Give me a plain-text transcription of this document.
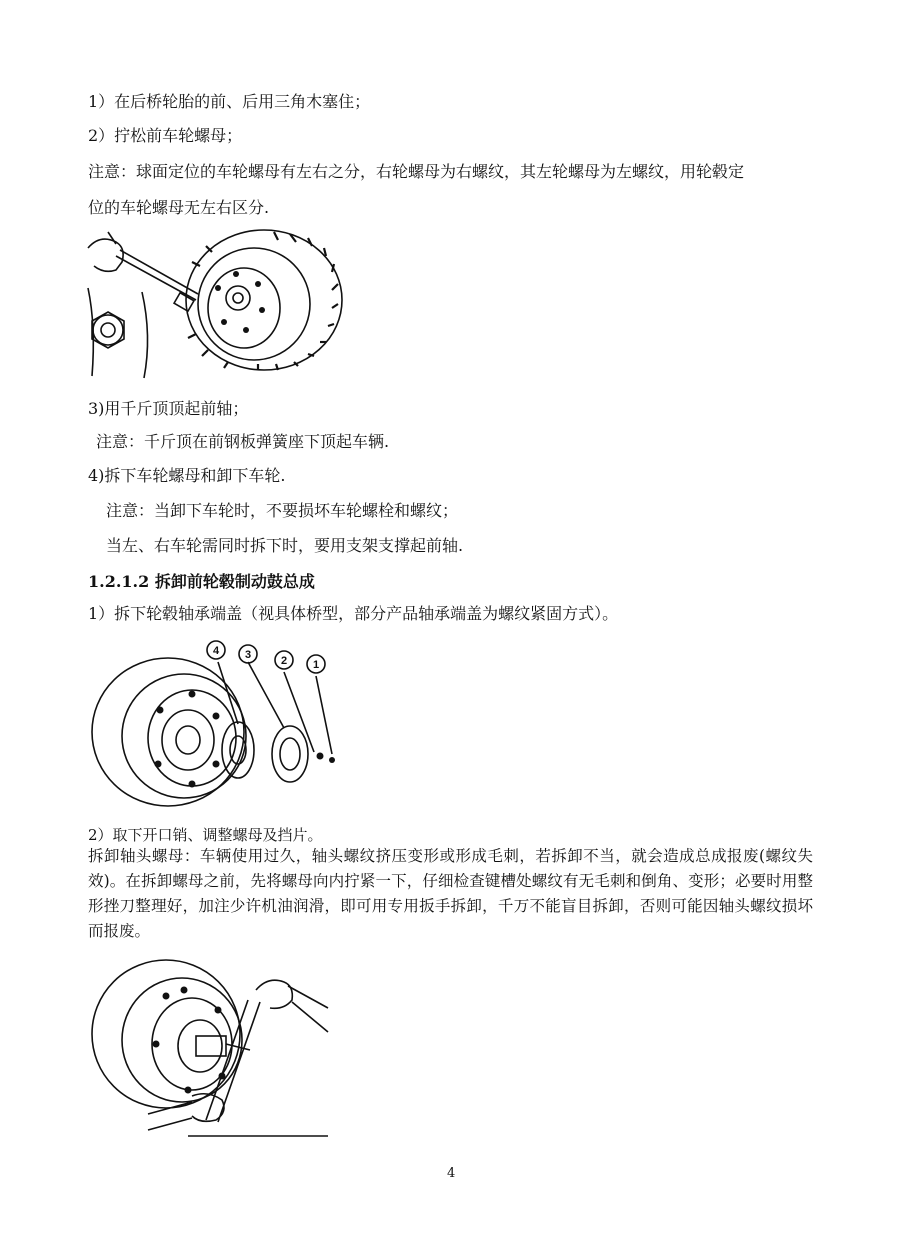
1）在后桥轮胎的前、后用三角木塞住；
2）拧松前车轮螺母；
注意：球面定位的车轮螺母有左右之分，右轮螺母为右螺纹，其左轮螺母为左螺纹，用轮毂定
位的车轮螺母无左右区分.
3)用千斤顶顶起前轴；
注意：千斤顶在前钢板弹簧座下顶起车辆.
4)拆下车轮螺母和卸下车轮.
注意：当卸下车轮时，不要损坏车轮螺栓和螺纹；
当左、右车轮需同时拆下时，要用支架支撑起前轴.
1.2.1.2 拆卸前轮毂制动鼓总成
1）拆下轮毂轴承端盖（视具体桥型，部分产品轴承端盖为螺纹紧固方式）。
4 3	2 1
2）取下开口销、调整螺母及挡片。
拆卸轴头螺母：车辆使用过久，轴头螺纹挤压变形或形成毛刺，若拆卸不当，就会造成总成报废(螺纹失效)。在拆卸螺母之前，先将螺母向内拧紧一下，仔细检查键槽处螺纹有无毛刺和倒角、变形；必要时用整形挫刀整理好，加注少许机油润滑，即可用专用扳手拆卸，千万不能盲目拆卸，否则可能因轴头螺纹损坏而报废。
4
